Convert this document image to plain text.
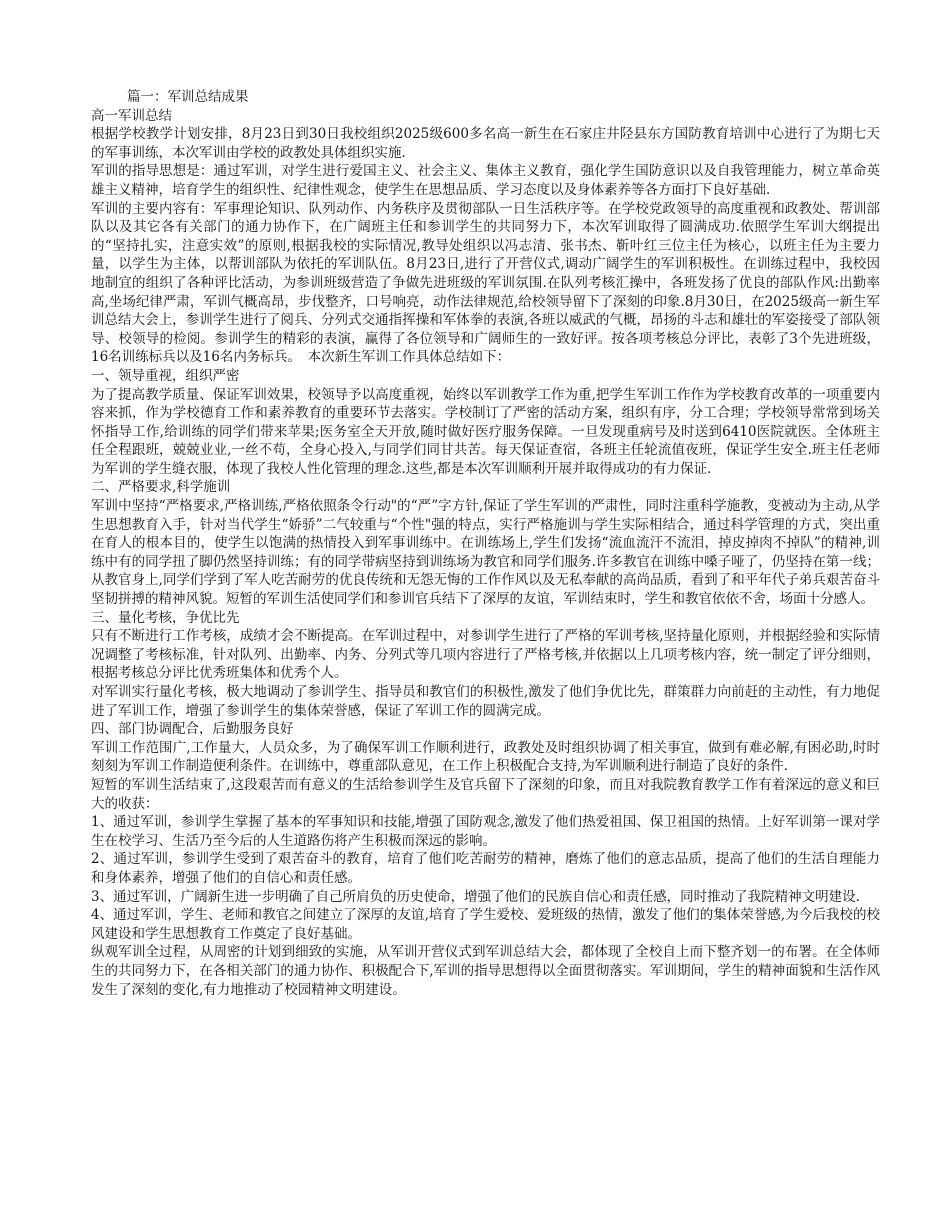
篇一：军训总结成果

高一军训总结

根据学校教学计划安排，8月23日到30日我校组织2025级600多名高一新生在石家庄井陉县东方国防教育培训中心进行了为期七天的军事训练，本次军训由学校的政教处具体组织实施．

军训的指导思想是：通过军训，对学生进行爱国主义、社会主义、集体主义教育，强化学生国防意识以及自我管理能力，树立革命英雄主义精神，培育学生的组织性、纪律性观念，使学生在思想品质、学习态度以及身体素养等各方面打下良好基础．

军训的主要内容有：军事理论知识、队列动作、内务秩序及贯彻部队一日生活秩序等。在学校党政领导的高度重视和政教处、帮训部队以及其它各有关部门的通力协作下，在广阔班主任和参训学生的共同努力下，本次军训取得了圆满成功.依照学生军训大纲提出的“坚持扎实，注意实效”的原则,根据我校的实际情况,教导处组织以冯志清、张书杰、靳叶红三位主任为核心，以班主任为主要力量，以学生为主体，以帮训部队为依托的军训队伍。8月23日,进行了开营仪式,调动广阔学生的军训积极性。在训练过程中，我校因地制宜的组织了各种评比活动，为参训班级营造了争做先进班级的军训氛围.在队列考核汇操中，各班发扬了优良的部队作风:出勤率高,坐场纪律严肃，军训气概高昂，步伐整齐，口号响亮，动作法律规范,给校领导留下了深刻的印象.8月30日，在2025级高一新生军训总结大会上，参训学生进行了阅兵、分列式交通指挥操和军体拳的表演,各班以威武的气概，昂扬的斗志和雄壮的军姿接受了部队领导、校领导的检阅。参训学生的精彩的表演，赢得了各位领导和广阔师生的一致好评。按各项考核总分评比，表彰了3个先进班级，16名训练标兵以及16名内务标兵。　本次新生军训工作具体总结如下：

一、领导重视，组织严密

为了提高教学质量、保证军训效果，校领导予以高度重视，始终以军训教学工作为重,把学生军训工作作为学校教育改革的一项重要内容来抓，作为学校德育工作和素养教育的重要环节去落实。学校制订了严密的活动方案，组织有序，分工合理；学校领导常常到场关怀指导工作,给训练的同学们带来苹果;医务室全天开放,随时做好医疗服务保障。一旦发现重病号及时送到6410医院就医。全体班主任全程跟班，兢兢业业,一丝不苟，全身心投入,与同学们同甘共苦。每天保证查宿，各班主任轮流值夜班，保证学生安全.班主任老师为军训的学生缝衣服，体现了我校人性化管理的理念.这些,都是本次军训顺利开展并取得成功的有力保证．

二、严格要求,科学施训

军训中坚持“严格要求,严格训练,严格依照条令行动"的“严”字方针,保证了学生军训的严肃性，同时注重科学施教，变被动为主动,从学生思想教育入手，针对当代学生“娇骄”二气较重与“个性"强的特点，实行严格施训与学生实际相结合，通过科学管理的方式，突出重在育人的根本目的，使学生以饱满的热情投入到军事训练中。在训练场上,学生们发扬“流血流汗不流泪，掉皮掉肉不掉队”的精神,训练中有的同学扭了脚仍然坚持训练；有的同学带病坚持到训练场为教官和同学们服务.许多教官在训练中嗓子哑了，仍坚持在第一线；从教官身上,同学们学到了军人吃苦耐劳的优良传统和无怨无悔的工作作风以及无私奉献的高尚品质，看到了和平年代子弟兵艰苦奋斗坚韧拼搏的精神风貌。短暂的军训生活使同学们和参训官兵结下了深厚的友谊，军训结束时，学生和教官依依不舍，场面十分感人。

三、量化考核，争优比先

只有不断进行工作考核，成绩才会不断提高。在军训过程中，对参训学生进行了严格的军训考核,坚持量化原则，并根据经验和实际情况调整了考核标准，针对队列、出勤率、内务、分列式等几项内容进行了严格考核,并依据以上几项考核内容，统一制定了评分细则，根据考核总分评比优秀班集体和优秀个人。

对军训实行量化考核，极大地调动了参训学生、指导员和教官们的积极性,激发了他们争优比先，群策群力向前赶的主动性，有力地促进了军训工作，增强了参训学生的集体荣誉感，保证了军训工作的圆满完成。

四、部门协调配合，后勤服务良好

军训工作范围广,工作量大，人员众多，为了确保军训工作顺利进行，政教处及时组织协调了相关事宜，做到有难必解,有困必助,时时刻刻为军训工作制造便利条件。在训练中，尊重部队意见，在工作上积极配合支持,为军训顺利进行制造了良好的条件．

短暂的军训生活结束了,这段艰苦而有意义的生活给参训学生及官兵留下了深刻的印象，而且对我院教育教学工作有着深远的意义和巨大的收获：

1、通过军训，参训学生掌握了基本的军事知识和技能,增强了国防观念,激发了他们热爱祖国、保卫祖国的热情。上好军训第一课对学生在校学习、生活乃至今后的人生道路伤将产生积极而深远的影响。

2、通过军训，参训学生受到了艰苦奋斗的教育，培育了他们吃苦耐劳的精神，磨炼了他们的意志品质，提高了他们的生活自理能力和身体素养，增强了他们的自信心和责任感。

3、通过军训，广阔新生进一步明确了自己所肩负的历史使命，增强了他们的民族自信心和责任感，同时推动了我院精神文明建设．

4、通过军训，学生、老师和教官之间建立了深厚的友谊,培育了学生爱校、爱班级的热情，激发了他们的集体荣誉感,为今后我校的校风建设和学生思想教育工作奠定了良好基础。

纵观军训全过程，从周密的计划到细致的实施，从军训开营仪式到军训总结大会，都体现了全校自上而下整齐划一的布署。在全体师生的共同努力下，在各相关部门的通力协作、积极配合下,军训的指导思想得以全面贯彻落实。军训期间，学生的精神面貌和生活作风发生了深刻的变化,有力地推动了校园精神文明建设。
